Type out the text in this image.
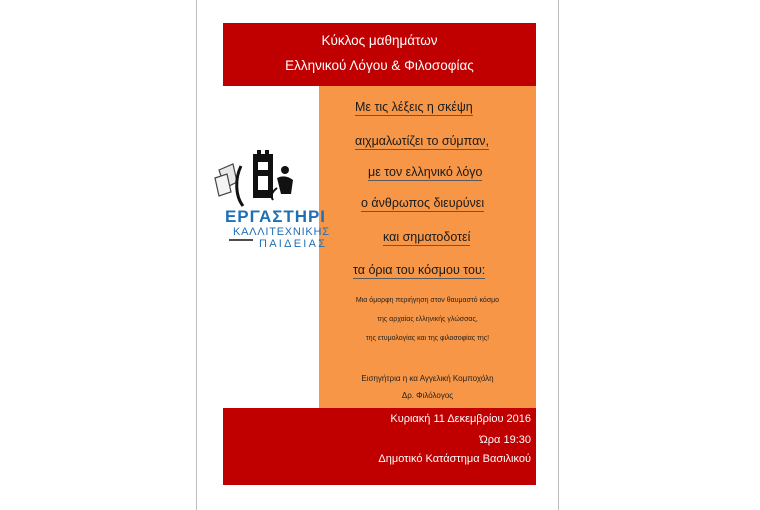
Κύκλος μαθημάτων
Ελληνικού Λόγου & Φιλοσοφίας
ΕΡΓΑΣΤΗΡΙ
ΚΑΛΛΙΤΕΧΝΙΚΗΣ
ΠΑΙΔΕΙΑΣ
Με τις λέξεις η σκέψη
αιχμαλωτίζει το σύμπαν,
με τον ελληνικό λόγο
ο άνθρωπος διευρύνει
και σηματοδοτεί
τα όρια του κόσμου του:
Μια όμορφη περιήγηση στον θαυμαστό κόσμο
της αρχαίας ελληνικής γλώσσας,
της ετυμολογίας και της φιλοσοφίας της!
Εισηγήτρια η κα Αγγελική Κομποχόλη
Δρ. Φιλόλογος
Κυριακή 11 Δεκεμβρίου 2016
Ώρα 19:30
Δημοτικό Κατάστημα Βασιλικού
